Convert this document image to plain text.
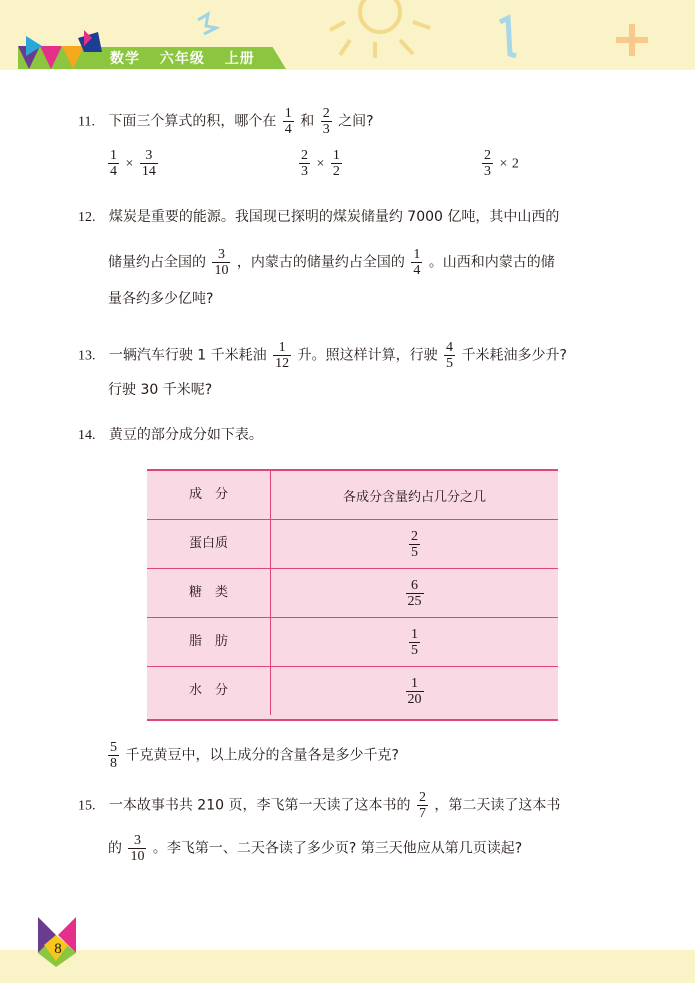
数学 六年级 上册
11. 下面三个算式的积，哪个在 $\frac{1}{4}$ 和 $\frac{2}{3}$ 之间?
$\frac{1}{4} \times \frac{3}{14}$	$\frac{2}{3} \times \frac{1}{2}$	$\frac{2}{3} \times 2$
12. 煤炭是重要的能源。我国现已探明的煤炭储量约 7000 亿吨，其中山西的
储量约占全国的 $\frac{3}{10}$ ，内蒙古的储量约占全国的 $\frac{1}{4}$ 。山西和内蒙古的储
量各约多少亿吨?
13. 一辆汽车行驶 1 千米耗油 $\frac{1}{12}$ 升。照这样计算，行驶 $\frac{4}{5}$ 千米耗油多少升?
行驶 30 千米呢?
14. 黄豆的部分成分如下表。
成　分	各成分含量约占几分之几
蛋白质	$\frac{2}{5}$
糖　类	$\frac{6}{25}$
脂　肪	$\frac{1}{5}$
水　分	$\frac{1}{20}$
$\frac{5}{8}$ 千克黄豆中，以上成分的含量各是多少千克?
15. 一本故事书共 210 页，李飞第一天读了这本书的 $\frac{2}{7}$ ，第二天读了这本书
的 $\frac{3}{10}$ 。李飞第一、二天各读了多少页? 第三天他应从第几页读起?
8
